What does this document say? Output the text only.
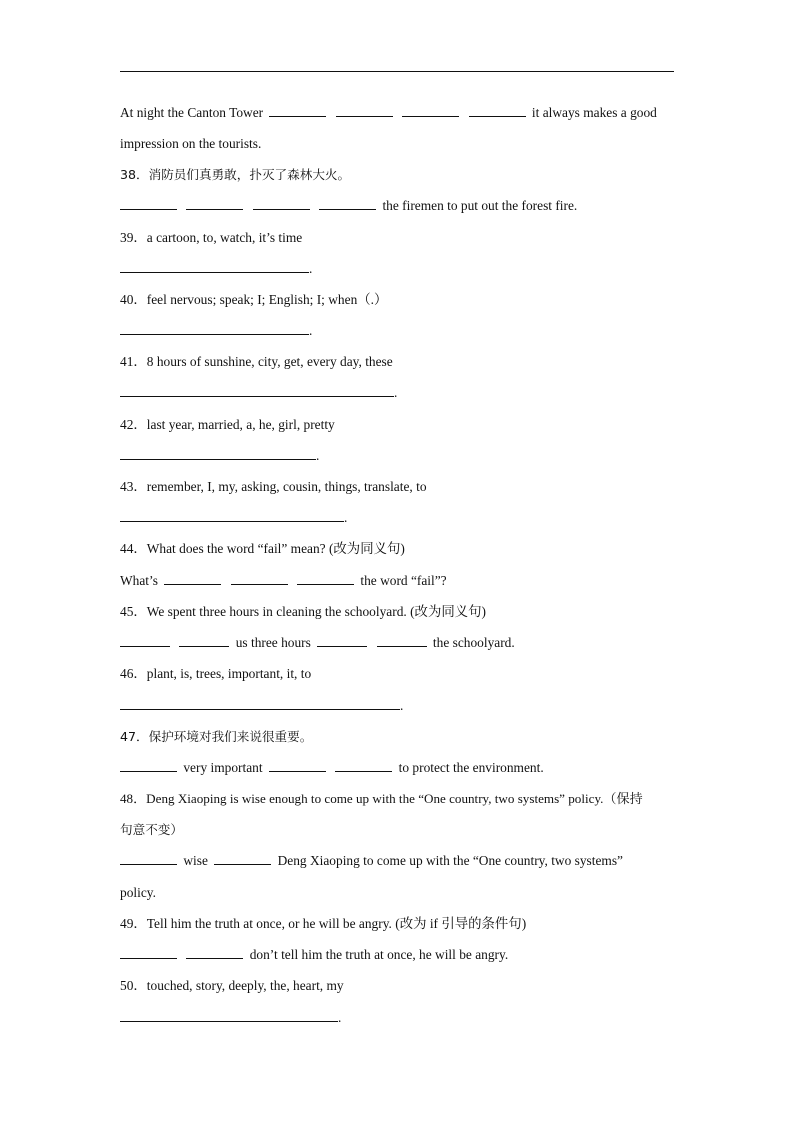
At night the Canton Tower	it always makes a good
impression on the tourists.
38．消防员们真勇敢，扑灭了森林大火。
the firemen to put out the forest fire.
39．a cartoon, to, watch, it’s time
.
40．feel nervous; speak; I; English; I; when（.）
.
41．8 hours of sunshine, city, get, every day, these
.
42．last year, married, a, he, girl, pretty
.
43．remember, I, my, asking, cousin, things, translate, to
.
44．What does the word “fail” mean? (改为同义句)
What’s	the word “fail”?
45．We spent three hours in cleaning the schoolyard. (改为同义句)
us three hours	the schoolyard.
46．plant, is, trees, important, it, to
.
47．保护环境对我们来说很重要。
very important	to protect the environment.
48．Deng Xiaoping is wise enough to come up with the “One country, two systems” policy.（保持
句意不变）
wise	Deng Xiaoping to come up with the “One country, two systems”
policy.
49．Tell him the truth at once, or he will be angry. (改为 if 引导的条件句)
don’t tell him the truth at once, he will be angry.
50．touched, story, deeply, the, heart, my
.
